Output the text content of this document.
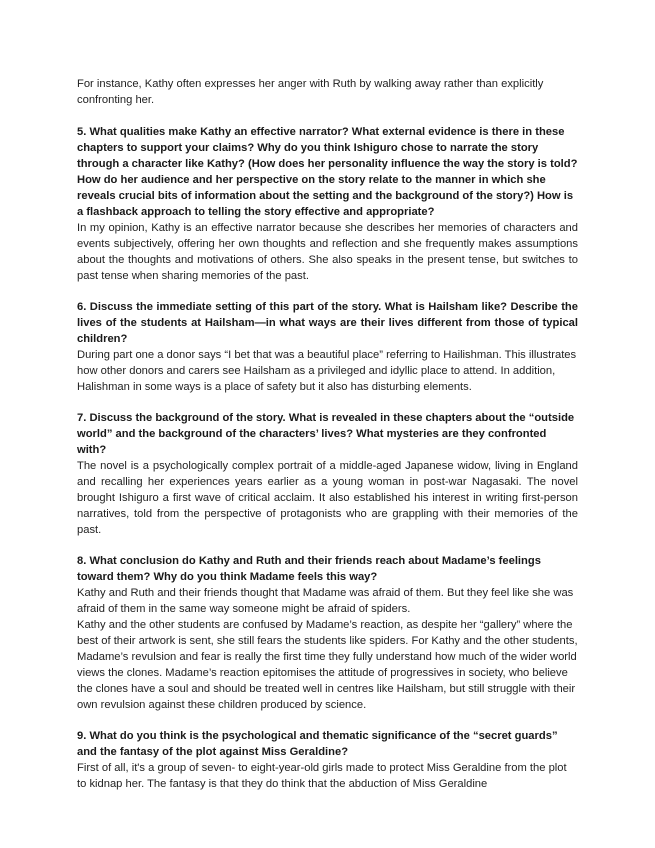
For instance, Kathy often expresses her anger with Ruth by walking away rather than explicitly confronting her.

5. What qualities make Kathy an effective narrator? What external evidence is there in these chapters to support your claims? Why do you think Ishiguro chose to narrate the story through a character like Kathy? (How does her personality influence the way the story is told? How do her audience and her perspective on the story relate to the manner in which she reveals crucial bits of information about the setting and the background of the story?) How is a flashback approach to telling the story effective and appropriate?

In my opinion, Kathy is an effective narrator because she describes her memories of characters and events subjectively, offering her own thoughts and reflection and she frequently makes assumptions about the thoughts and motivations of others. She also speaks in the present tense, but switches to past tense when sharing memories of the past.

6. Discuss the immediate setting of this part of the story. What is Hailsham like? Describe the lives of the students at Hailsham—in what ways are their lives different from those of typical children?

During part one a donor says “I bet that was a beautiful place” referring to Hailishman. This illustrates how other donors and carers see Hailsham as a privileged and idyllic place to attend. In addition, Halishman in some ways is a place of safety but it also has disturbing elements.

7. Discuss the background of the story. What is revealed in these chapters about the “outside world” and the background of the characters’ lives? What mysteries are they confronted with?

The novel is a psychologically complex portrait of a middle-aged Japanese widow, living in England and recalling her experiences years earlier as a young woman in post-war Nagasaki. The novel brought Ishiguro a first wave of critical acclaim. It also established his interest in writing first-person narratives, told from the perspective of protagonists who are grappling with their memories of the past.

8. What conclusion do Kathy and Ruth and their friends reach about Madame’s feelings toward them? Why do you think Madame feels this way?

Kathy and Ruth and their friends thought that Madame was afraid of them. But they feel like she was afraid of them in the same way someone might be afraid of spiders.

Kathy and the other students are confused by Madame’s reaction, as despite her “gallery” where the best of their artwork is sent, she still fears the students like spiders. For Kathy and the other students, Madame’s revulsion and fear is really the first time they fully understand how much of the wider world views the clones. Madame’s reaction epitomises the attitude of progressives in society, who believe the clones have a soul and should be treated well in centres like Hailsham, but still struggle with their own revulsion against these children produced by science.

9. What do you think is the psychological and thematic significance of the “secret guards” and the fantasy of the plot against Miss Geraldine?

First of all, it's a group of seven- to eight-year-old girls made to protect Miss Geraldine from the plot to kidnap her. The fantasy is that they do think that the abduction of Miss Geraldine
